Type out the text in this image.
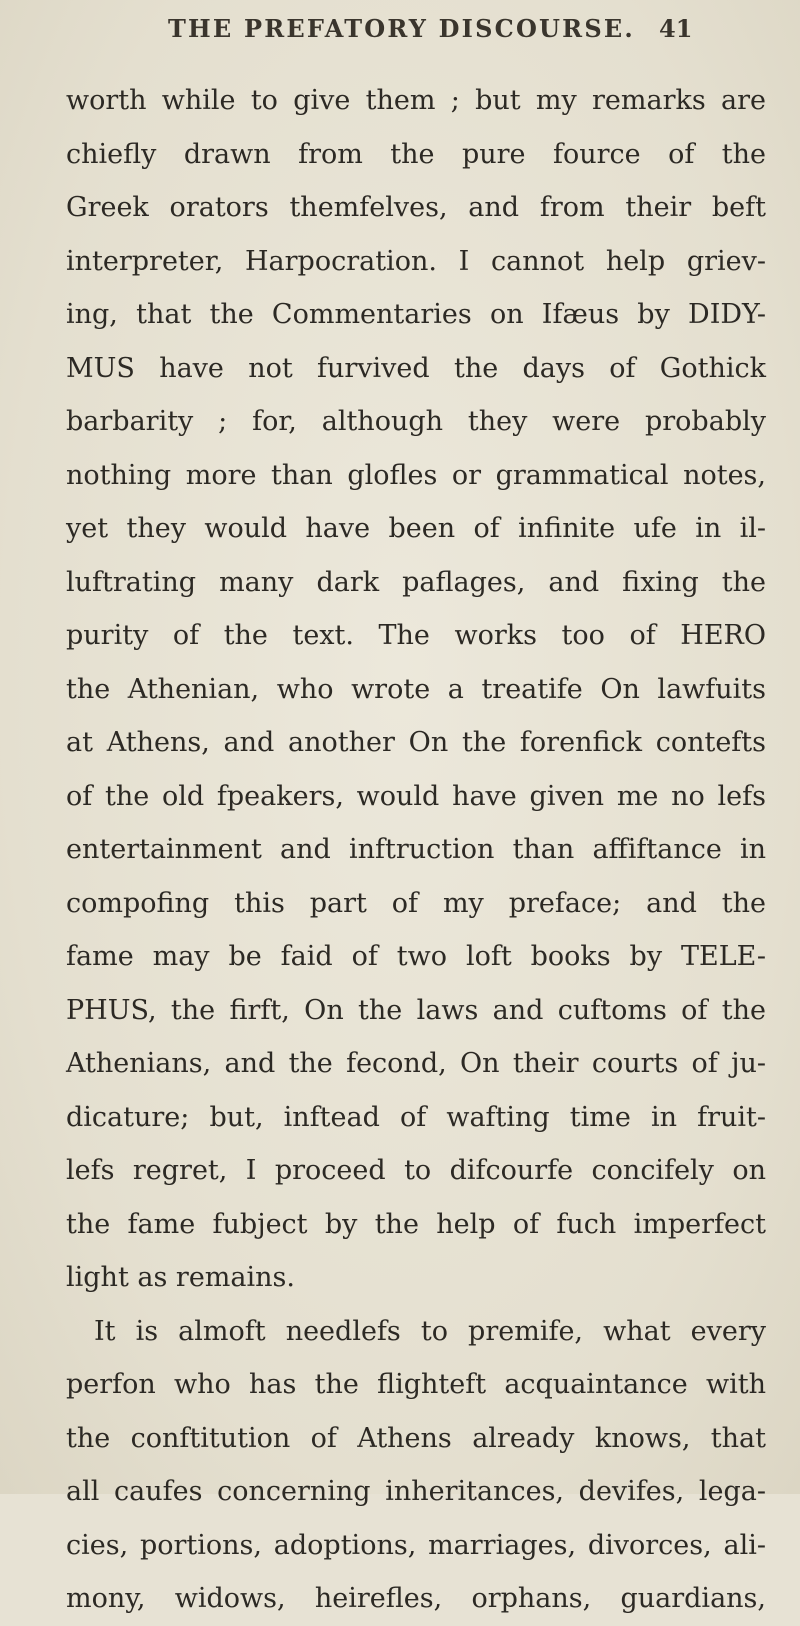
THE PREFATORY DISCOURSE. 41
worth while to give them ; but my remarks are
chiefly drawn from the pure fource of the
Greek orators themfelves, and from their beft
interpreter, Harpocration. I cannot help griev-
ing, that the Commentaries on Ifæus by DIDY-
MUS have not furvived the days of Gothick
barbarity ; for, although they were probably
nothing more than glofles or grammatical notes,
yet they would have been of infinite ufe in il-
luftrating many dark paflages, and fixing the
purity of the text. The works too of HERO
the Athenian, who wrote a treatife On lawfuits
at Athens, and another On the forenfick contefts
of the old fpeakers, would have given me no lefs
entertainment and inftruction than affiftance in
compofing this part of my preface; and the
fame may be faid of two loft books by TELE-
PHUS, the firft, On the laws and cuftoms of the
Athenians, and the fecond, On their courts of ju-
dicature; but, inftead of wafting time in fruit-
lefs regret, I proceed to difcourfe concifely on
the fame fubject by the help of fuch imperfect
light as remains.
It is almoft needlefs to premife, what every
perfon who has the flighteft acquaintance with
the conftitution of Athens already knows, that
all caufes concerning inheritances, devifes, lega-
cies, portions, adoptions, marriages, divorces, ali-
mony, widows, heirefles, orphans, guardians,
